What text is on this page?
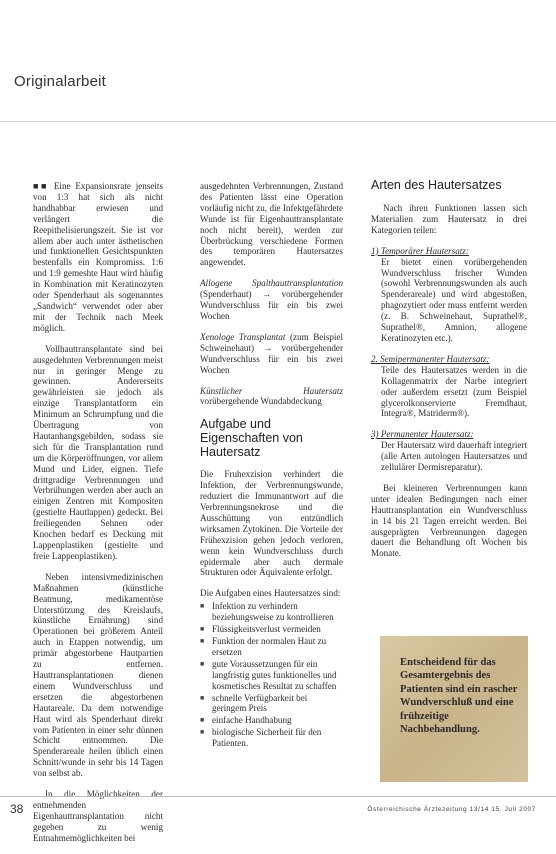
Originalarbeit

■■ Eine Expansionsrate jenseits von 1:3 hat sich als nicht handhabbar erwiesen und verlängert die Reepithelisierungszeit. Sie ist vor allem aber auch unter ästhetischen und funktionellen Gesichtspunkten bestenfalls ein Kompromiss. 1:6 und 1:9 gemeshte Haut wird häufig in Kombination mit Keratinozyten oder Spenderhaut als sogenanntes „Sandwich“ verwendet oder aber mit der Technik nach Meek möglich.

Vollhauttransplantate sind bei ausgedehnten Verbrennungen meist nur in geringer Menge zu gewinnen. Andererseits gewährleisten sie jedoch als einzige Transplantatform ein Minimum an Schrumpfung und die Übertragung von Hautanhangsgebilden, sodass sie sich für die Transplantation rund um die Körperöffnungen, vor allem Mund und Lider, eignen. Tiefe drittgradige Verbrennungen und Verbrühungen werden aber auch an einigen Zentren mit Kompositen (gestielte Hautlappen) gedeckt. Bei freiliegenden Sehnen oder Knochen bedarf es Deckung mit Lappenplastiken (gestielte und freie Lappenplastiken).

Neben intensivmedizinischen Maßnahmen (künstliche Beatmung, medikamentöse Unterstützung des Kreislaufs, künstliche Ernährung) sind Operationen bei größerem Anteil auch in Etappen notwendig, um primär abgestorbene Hautpartien zu entfernen. Hauttransplantationen dienen einem Wundverschluss und ersetzen die abgestorbenen Hautareale. Da dem notwendige Haut wird als Spenderhaut direkt vom Patienten in einer sehr dünnen Schicht entnommen. Die Spenderareale heilen üblich einen Schnitt/wunde in sehr bis 14 Tagen von selbst ab.

In die Möglichkeiten der entnehmenden Eigenhauttransplantation nicht gegeben zu wenig Entnahmemöglichkeiten bei

ausgedehnten Verbrennungen, Zustand des Patienten lässt eine Operation vorläufig nicht zu, die Infektgefährdete Wunde ist für Eigenhauttransplantate noch nicht bereit), werden zur Überbrückung verschiedene Formen des temporären Hautersatzes angewendet.

Allogene Spalthauttransplantation (Spenderhaut) → vorübergehender Wundverschluss für ein bis zwei Wochen
Xenologe Transplantat (zum Beispiel Schweinehaut) → vorübergehender Wundverschluss für ein bis zwei Wochen
Künstlicher Hautersatz vorübergehende Wundabdeckung
Aufgabe und Eigenschaften von Hautersatz

Die Fruhexzision verhindert die Infektion, der Verbrennungswunde, reduziert die Immunantwort auf die Verbrennungsnekrose und die Ausschüttung von entzündlich wirksamen Zytokinen. Die Vorteile der Frühexzision gehen jedoch verloren, wenn kein Wundverschluss durch epidermale aber auch dermale Strukturen oder Äquivalente erfolgt.

Die Aufgaben eines Hautersatzes sind:

■ Infektion zu verhindern beziehungsweise zu kontrollieren
■ Flüssigkeitsverlust vermeiden
■ Funktion der normalen Haut zu ersetzen
■ gute Voraussetzungen für ein langfristig gutes funktionelles und kosmetisches Resultat zu schaffen
■ schnelle Verfügbarkeit bei geringem Preis
■ einfache Handhabung
■ biologische Sicherheit für den Patienten.
Arten des Hautersatzes

Nach ihren Funktionen lassen sich Materialien zum Hautersatz in drei Kategorien teilen:

1) Temporärer Hautersatz:
Er bietet einen vorübergehenden Wundverschluss frischer Wunden (sowohl Verbrennungswunden als auch Spenderareale) und wird abgestoßen, phagozytiert oder muss entfernt werden (z. B. Schweinehaut, Suprathel®, Suprathel®, Amnion, allogene Keratinozyten etc.).
2. Semipermanenter Hautersatz:
Teile des Hautersatzes werden in die Kollagenmatrix der Narbe integriert oder außerdem ersetzt (zum Beispiel glycerolkonservierte Fremdhaut, Integra®, Matriderm®).
3) Permanenter Hautersatz:
Der Hautersatz wird dauerhaft integriert (alle Arten autologen Hautersatzes und zellulärer Dermisreparatur).

Bei kleineren Verbrennungen kann unter idealen Bedingungen nach einer Hauttransplantation ein Wundverschluss in 14 bis 21 Tagen erreicht werden. Bei ausgeprägten Verbrennungen dagegen dauert die Behandlung oft Wochen bis Monate.

Entscheidend für das Gesamtergebnis des Patienten sind ein rascher Wundverschluß und eine frühzeitige Nachbehandlung.
38	Österreichische Ärztezeitung 13/14 15. Juli 2007
